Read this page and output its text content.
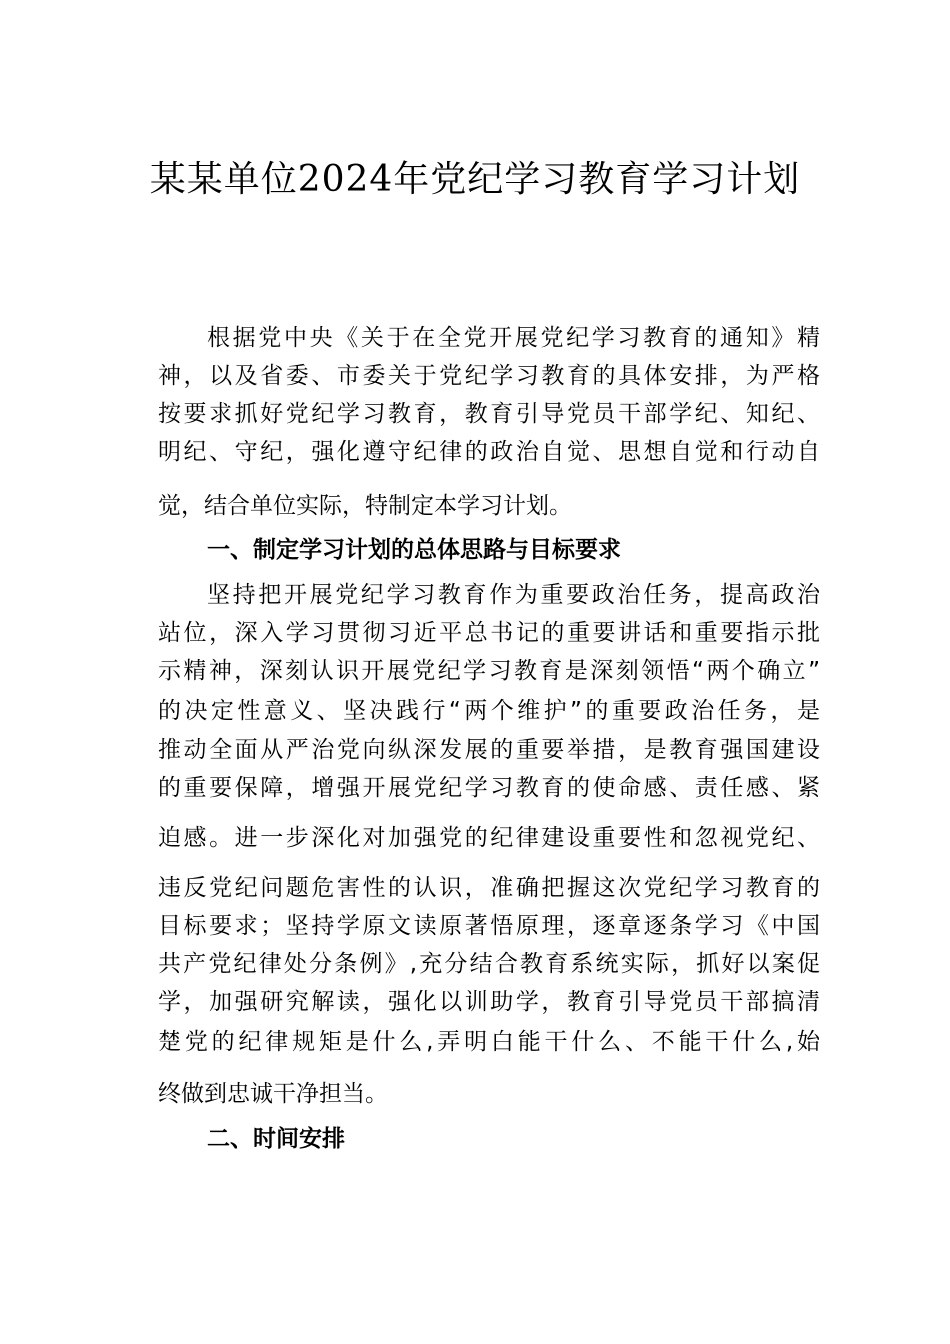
某某单位2024年党纪学习教育学习计划
根据党中央《关于在全党开展党纪学习教育的通知》精
神，以及省委、市委关于党纪学习教育的具体安排，为严格
按要求抓好党纪学习教育，教育引导党员干部学纪、知纪、
明纪、守纪，强化遵守纪律的政治自觉、思想自觉和行动自
觉，结合单位实际，特制定本学习计划。
一、制定学习计划的总体思路与目标要求
坚持把开展党纪学习教育作为重要政治任务，提高政治
站位，深入学习贯彻习近平总书记的重要讲话和重要指示批
示精神，深刻认识开展党纪学习教育是深刻领悟“两个确立”
的决定性意义、坚决践行“两个维护”的重要政治任务，是
推动全面从严治党向纵深发展的重要举措，是教育强国建设
的重要保障，增强开展党纪学习教育的使命感、责任感、紧
迫感。进一步深化对加强党的纪律建设重要性和忽视党纪、
违反党纪问题危害性的认识，准确把握这次党纪学习教育的
目标要求；坚持学原文读原著悟原理，逐章逐条学习《中国
共产党纪律处分条例》,充分结合教育系统实际，抓好以案促
学，加强研究解读，强化以训助学，教育引导党员干部搞清
楚党的纪律规矩是什么,弄明白能干什么、不能干什么,始
终做到忠诚干净担当。
二、时间安排
